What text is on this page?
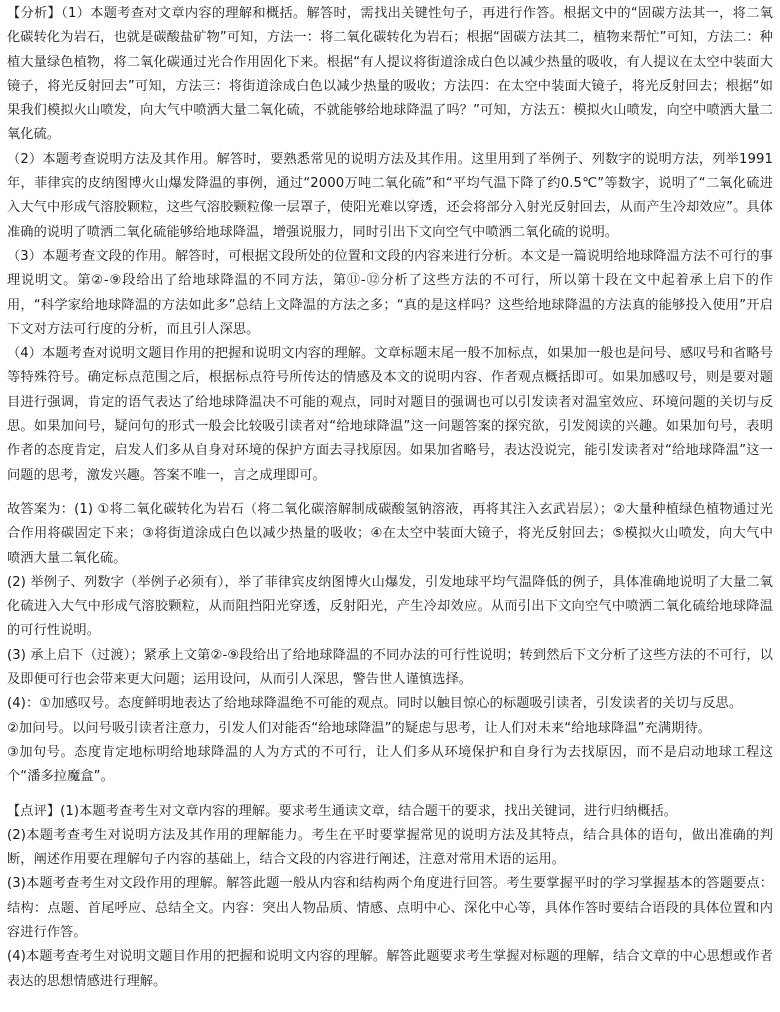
【分析】（1）本题考查对文章内容的理解和概括。解答时，需找出关键性句子，再进行作答。根据文中的“固碳方法其一，将二氧化碳转化为岩石，也就是碳酸盐矿物”可知，方法一：将二氧化碳转化为岩石；根据“固碳方法其二，植物来帮忙”可知，方法二：种植大量绿色植物，将二氧化碳通过光合作用固化下来。根据“有人提议将街道涂成白色以减少热量的吸收，有人提议在太空中装面大镜子，将光反射回去”可知，方法三：将街道涂成白色以减少热量的吸收；方法四：在太空中装面大镜子，将光反射回去；根据“如果我们模拟火山喷发，向大气中喷洒大量二氧化硫，不就能够给地球降温了吗？”可知，方法五：模拟火山喷发，向空中喷洒大量二氧化硫。

（2）本题考查说明方法及其作用。解答时，要熟悉常见的说明方法及其作用。这里用到了举例子、列数字的说明方法，列举1991年，菲律宾的皮纳图博火山爆发降温的事例，通过“2000万吨二氧化硫”和“平均气温下降了约0.5℃”等数字，说明了“二氧化硫进入大气中形成气溶胶颗粒，这些气溶胶颗粒像一层罩子，使阳光难以穿透，还会将部分入射光反射回去，从而产生冷却效应”。具体准确的说明了喷洒二氧化硫能够给地球降温，增强说服力，同时引出下文向空气中喷洒二氧化硫的说明。

（3）本题考查文段的作用。解答时，可根据文段所处的位置和文段的内容来进行分析。本文是一篇说明给地球降温方法不可行的事理说明文。第②-⑨段给出了给地球降温的不同方法，第⑪-⑫分析了这些方法的不可行，所以第十段在文中起着承上启下的作用，“科学家给地球降温的方法如此多”总结上文降温的方法之多；“真的是这样吗？这些给地球降温的方法真的能够投入使用”开启下文对方法可行度的分析，而且引人深思。

（4）本题考查对说明文题目作用的把握和说明文内容的理解。文章标题末尾一般不加标点，如果加一般也是问号、感叹号和省略号等特殊符号。确定标点范围之后，根据标点符号所传达的情感及本文的说明内容、作者观点概括即可。如果加感叹号，则是要对题目进行强调，肯定的语气表达了给地球降温决不可能的观点，同时对题目的强调也可以引发读者对温室效应、环境问题的关切与反思。如果加问号，疑问句的形式一般会比较吸引读者对“给地球降温”这一问题答案的探究欲，引发阅读的兴趣。如果加句号，表明作者的态度肯定，启发人们多从自身对环境的保护方面去寻找原因。如果加省略号，表达没说完，能引发读者对“给地球降温”这一问题的思考，激发兴趣。答案不唯一，言之成理即可。

故答案为：(1) ①将二氧化碳转化为岩石（将二氧化碳溶解制成碳酸氢钠溶液，再将其注入玄武岩层）；②大量种植绿色植物通过光合作用将碳固定下来；③将街道涂成白色以减少热量的吸收；④在太空中装面大镜子，将光反射回去；⑤模拟火山喷发，向大气中喷洒大量二氧化硫。

(2) 举例子、列数字（举例子必须有），举了菲律宾皮纳图博火山爆发，引发地球平均气温降低的例子，具体准确地说明了大量二氧化硫进入大气中形成气溶胶颗粒，从而阻挡阳光穿透，反射阳光，产生冷却效应。从而引出下文向空气中喷洒二氧化硫给地球降温的可行性说明。

(3) 承上启下（过渡）；紧承上文第②-⑨段给出了给地球降温的不同办法的可行性说明；转到然后下文分析了这些方法的不可行，以及即便可行也会带来更大问题；运用设问，从而引人深思，警告世人谨慎选择。

(4)：①加感叹号。态度鲜明地表达了给地球降温绝不可能的观点。同时以触目惊心的标题吸引读者，引发读者的关切与反思。

②加问号。以问号吸引读者注意力，引发人们对能否“给地球降温”的疑虑与思考，让人们对未来“给地球降温”充满期待。

③加句号。态度肯定地标明给地球降温的人为方式的不可行，让人们多从环境保护和自身行为去找原因，而不是启动地球工程这个“潘多拉魔盒”。

【点评】(1)本题考查考生对文章内容的理解。要求考生通读文章，结合题干的要求，找出关键词，进行归纳概括。

(2)本题考查考生对说明方法及其作用的理解能力。考生在平时要掌握常见的说明方法及其特点，结合具体的语句，做出准确的判断，阐述作用要在理解句子内容的基础上，结合文段的内容进行阐述，注意对常用术语的运用。

(3)本题考查考生对文段作用的理解。解答此题一般从内容和结构两个角度进行回答。考生要掌握平时的学习掌握基本的答题要点：结构：点题、首尾呼应、总结全文。内容：突出人物品质、情感、点明中心、深化中心等，具体作答时要结合语段的具体位置和内容进行作答。

(4)本题考查考生对说明文题目作用的把握和说明文内容的理解。解答此题要求考生掌握对标题的理解，结合文章的中心思想或作者表达的思想情感进行理解。
